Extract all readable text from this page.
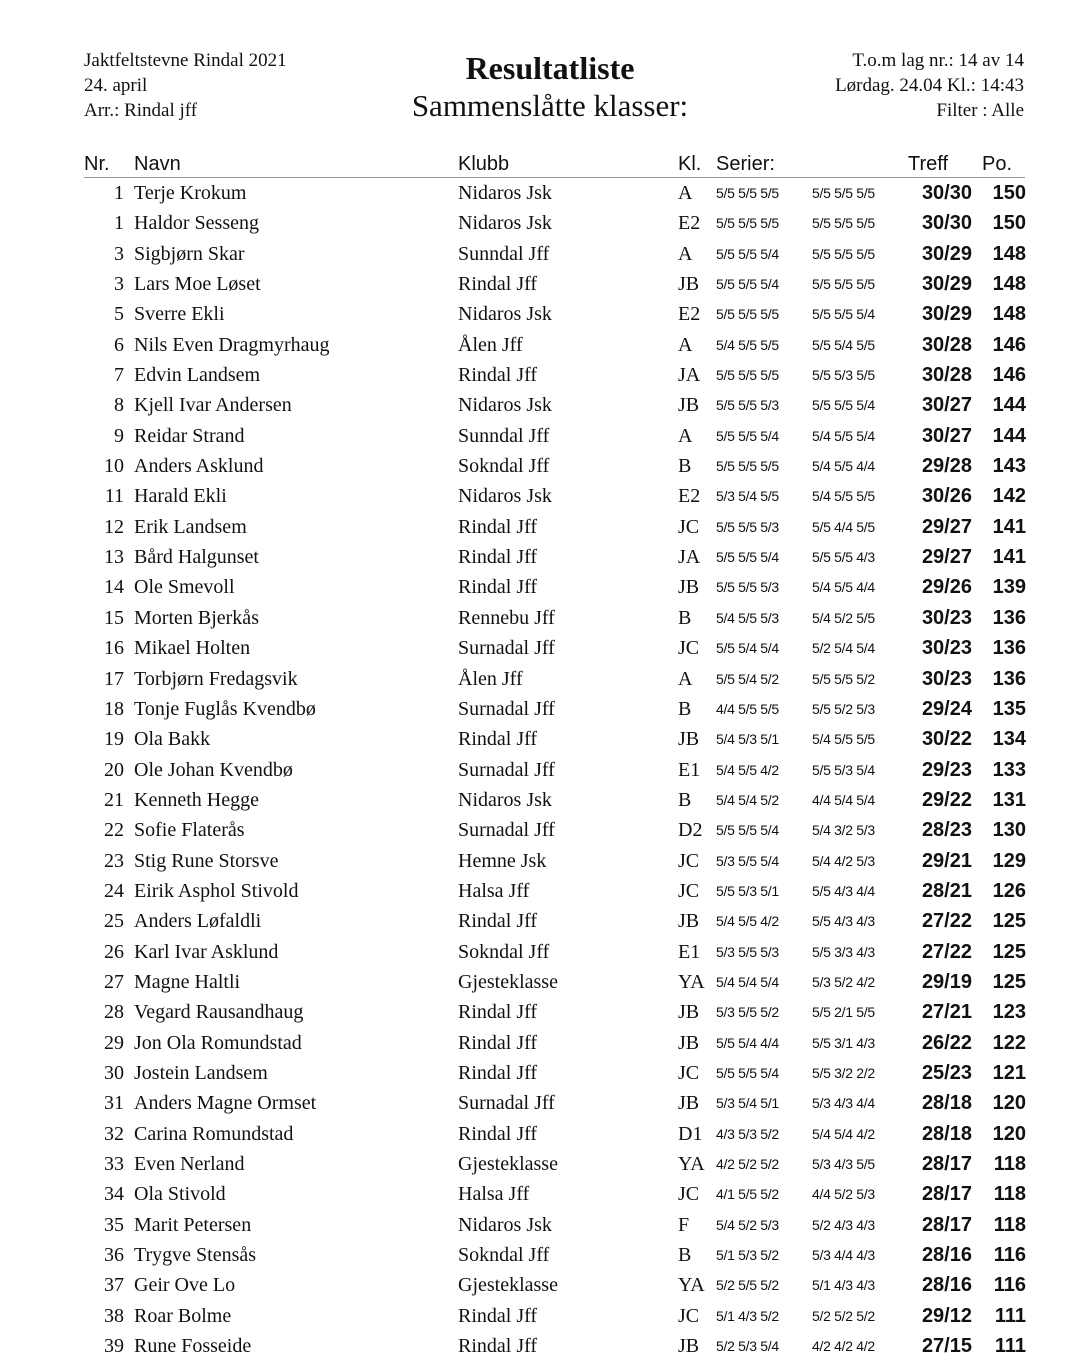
Jaktfeltstevne Rindal 2021
24. april
Arr.: Rindal jff
Resultatliste
Sammenslåtte klasser:
T.o.m lag nr.: 14 av 14
Lørdag. 24.04 Kl.: 14:43
Filter : Alle
Nr. Navn	Klubb	Kl. Serier:	Treff Po.
1 Terje Krokum	Nidaros Jsk	A 5/5 5/5 5/5 5/5 5/5 5/5	30/30	150
1 Haldor Sesseng	Nidaros Jsk	E2 5/5 5/5 5/5 5/5 5/5 5/5	30/30	150
3 Sigbjørn Skar	Sunndal Jff	A 5/5 5/5 5/4 5/5 5/5 5/5	30/29	148
3 Lars Moe Løset	Rindal Jff	JB 5/5 5/5 5/4 5/5 5/5 5/5	30/29	148
5 Sverre Ekli	Nidaros Jsk	E2 5/5 5/5 5/5 5/5 5/5 5/4	30/29	148
6 Nils Even Dragmyrhaug	Ålen Jff	A 5/4 5/5 5/5 5/5 5/4 5/5	30/28	146
7 Edvin Landsem	Rindal Jff	JA 5/5 5/5 5/5 5/5 5/3 5/5	30/28	146
8 Kjell Ivar Andersen	Nidaros Jsk	JB 5/5 5/5 5/3 5/5 5/5 5/4	30/27	144
9 Reidar Strand	Sunndal Jff	A 5/5 5/5 5/4 5/4 5/5 5/4	30/27	144
10 Anders Asklund	Sokndal Jff	B 5/5 5/5 5/5 5/4 5/5 4/4	29/28	143
11 Harald Ekli	Nidaros Jsk	E2 5/3 5/4 5/5 5/4 5/5 5/5	30/26	142
12 Erik Landsem	Rindal Jff	JC 5/5 5/5 5/3 5/5 4/4 5/5	29/27	141
13 Bård Halgunset	Rindal Jff	JA 5/5 5/5 5/4 5/5 5/5 4/3	29/27	141
14 Ole Smevoll	Rindal Jff	JB 5/5 5/5 5/3 5/4 5/5 4/4	29/26	139
15 Morten Bjerkås	Rennebu Jff	B 5/4 5/5 5/3 5/4 5/2 5/5	30/23	136
16 Mikael Holten	Surnadal Jff	JC 5/5 5/4 5/4 5/2 5/4 5/4	30/23	136
17 Torbjørn Fredagsvik	Ålen Jff	A 5/5 5/4 5/2 5/5 5/5 5/2	30/23	136
18 Tonje Fuglås Kvendbø	Surnadal Jff	B 4/4 5/5 5/5 5/5 5/2 5/3	29/24	135
19 Ola Bakk	Rindal Jff	JB 5/4 5/3 5/1 5/4 5/5 5/5	30/22	134
20 Ole Johan Kvendbø	Surnadal Jff	E1 5/4 5/5 4/2 5/5 5/3 5/4	29/23	133
21 Kenneth Hegge	Nidaros Jsk	B 5/4 5/4 5/2 4/4 5/4 5/4	29/22	131
22 Sofie Flaterås	Surnadal Jff	D2 5/5 5/5 5/4 5/4 3/2 5/3	28/23	130
23 Stig Rune Storsve	Hemne Jsk	JC 5/3 5/5 5/4 5/4 4/2 5/3	29/21	129
24 Eirik Asphol Stivold	Halsa Jff	JC 5/5 5/3 5/1 5/5 4/3 4/4	28/21	126
25 Anders Løfaldli	Rindal Jff	JB 5/4 5/5 4/2 5/5 4/3 4/3	27/22	125
26 Karl Ivar Asklund	Sokndal Jff	E1 5/3 5/5 5/3 5/5 3/3 4/3	27/22	125
27 Magne Haltli	Gjesteklasse	YA 5/4 5/4 5/4 5/3 5/2 4/2	29/19	125
28 Vegard Rausandhaug	Rindal Jff	JB 5/3 5/5 5/2 5/5 2/1 5/5	27/21	123
29 Jon Ola Romundstad	Rindal Jff	JB 5/5 5/4 4/4 5/5 3/1 4/3	26/22	122
30 Jostein Landsem	Rindal Jff	JC 5/5 5/5 5/4 5/5 3/2 2/2	25/23	121
31 Anders Magne Ormset	Surnadal Jff	JB 5/3 5/4 5/1 5/3 4/3 4/4	28/18	120
32 Carina Romundstad	Rindal Jff	D1 4/3 5/3 5/2 5/4 5/4 4/2	28/18	120
33 Even Nerland	Gjesteklasse	YA 4/2 5/2 5/2 5/3 4/3 5/5	28/17	118
34 Ola Stivold	Halsa Jff	JC 4/1 5/5 5/2 4/4 5/2 5/3	28/17	118
35 Marit Petersen	Nidaros Jsk	F 5/4 5/2 5/3 5/2 4/3 4/3	28/17	118
36 Trygve Stensås	Sokndal Jff	B 5/1 5/3 5/2 5/3 4/4 4/3	28/16	116
37 Geir Ove Lo	Gjesteklasse	YA 5/2 5/5 5/2 5/1 4/3 4/3	28/16	116
38 Roar Bolme	Rindal Jff	JC 5/1 4/3 5/2 5/2 5/2 5/2	29/12	111
39 Rune Fosseide	Rindal Jff	JB 5/2 5/3 5/4 4/2 4/2 4/2	27/15	111
